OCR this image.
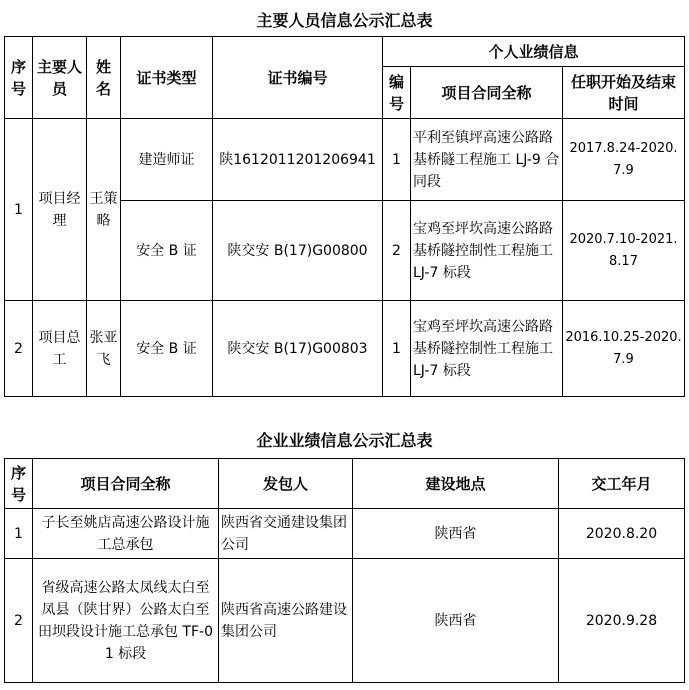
主要人员信息公示汇总表
序号	主要人员	姓名	证书类型	证书编号	个人业绩信息		
					编号	项目合同全称	任职开始及结束时间
1	项目经理	王策略	建造师证	陕1612011201206941	1	平利至镇坪高速公路路基桥隧工程施工 LJ-9 合同段	2017.8.24-2020.7.9
			安全 B 证	陕交安 B(17)G00800	2	宝鸡至坪坎高速公路路基桥隧控制性工程施工 LJ-7 标段	2020.7.10-2021.8.17
2	项目总工	张亚飞	安全 B 证	陕交安 B(17)G00803	1	宝鸡至坪坎高速公路路基桥隧控制性工程施工 LJ-7 标段	2016.10.25-2020.7.9
企业业绩信息公示汇总表
序号	项目合同全称	发包人	建设地点	交工年月
1	子长至姚店高速公路设计施工总承包	陕西省交通建设集团公司	陕西省	2020.8.20
2	省级高速公路太凤线太白至凤县（陕甘界）公路太白至田坝段设计施工总承包 TF-01 标段	陕西省高速公路建设集团公司	陕西省	2020.9.28
